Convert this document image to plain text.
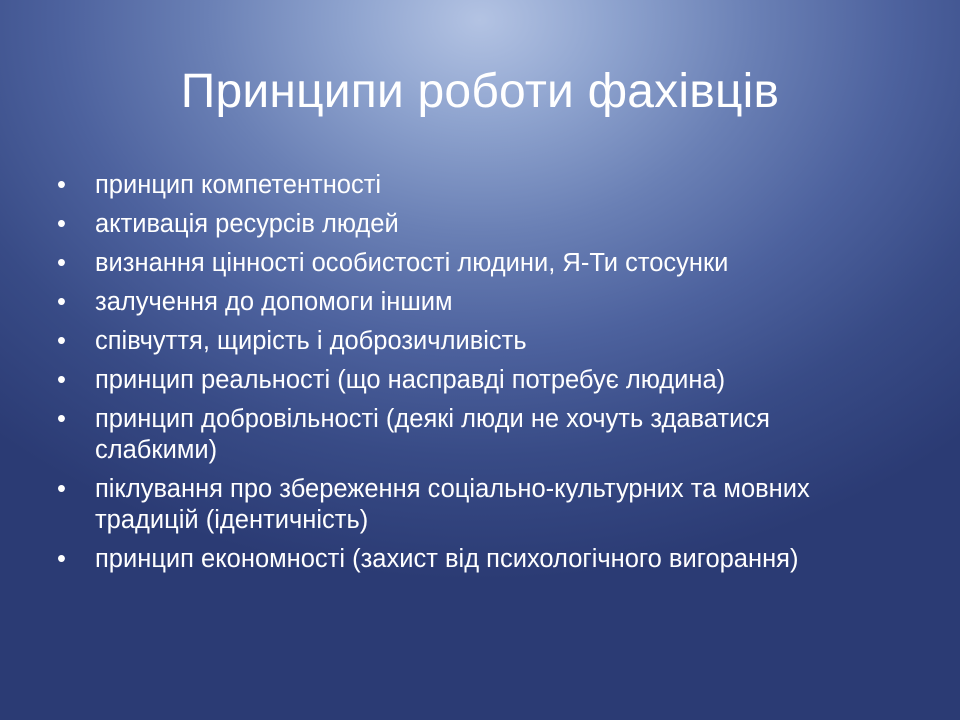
Принципи роботи фахівців
•	принцип компетентності
•	активація ресурсів людей
•	визнання цінності особистості людини, Я-Ти стосунки
•	залучення до допомоги іншим
•	співчуття, щирість і доброзичливість
•	принцип реальності (що насправді потребує людина)
•	принцип добровільності (деякі люди не хочуть здаватися слабкими)
•	піклування про збереження соціально-культурних та мовних традицій (ідентичність)
•	принцип економності (захист від психологічного вигорання)
